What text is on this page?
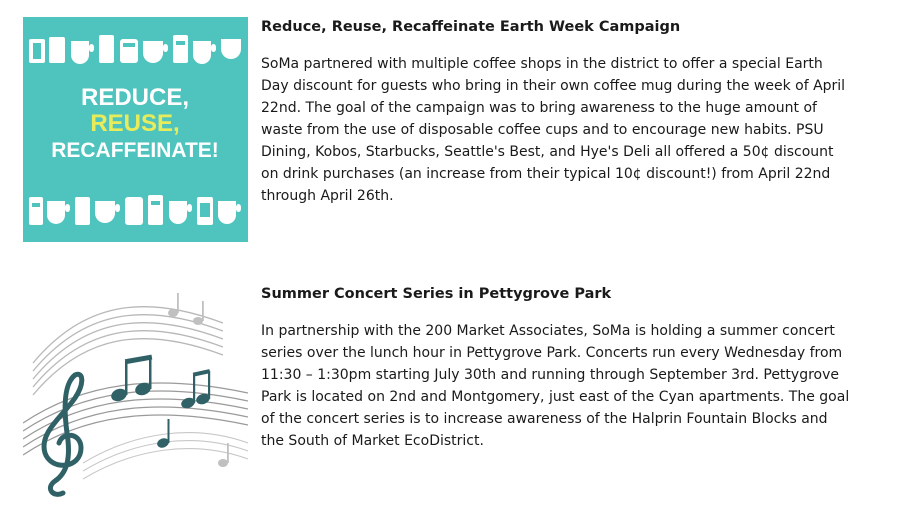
REDUCE,
REUSE,
RECAFFEINATE!
Reduce, Reuse, Recaffeinate Earth Week Campaign

SoMa partnered with multiple coffee shops in the district to offer a special Earth
Day discount for guests who bring in their own coffee mug during the week of April
22nd. The goal of the campaign was to bring awareness to the huge amount of
waste from the use of disposable coffee cups and to encourage new habits. PSU
Dining, Kobos, Starbucks, Seattle's Best, and Hye's Deli all offered a 50¢ discount
on drink purchases (an increase from their typical 10¢ discount!) from April 22nd
through April 26th.

Summer Concert Series in Pettygrove Park

In partnership with the 200 Market Associates, SoMa is holding a summer concert
series over the lunch hour in Pettygrove Park. Concerts run every Wednesday from
11:30 – 1:30pm starting July 30th and running through September 3rd. Pettygrove
Park is located on 2nd and Montgomery, just east of the Cyan apartments. The goal
of the concert series is to increase awareness of the Halprin Fountain Blocks and
the South of Market EcoDistrict.
